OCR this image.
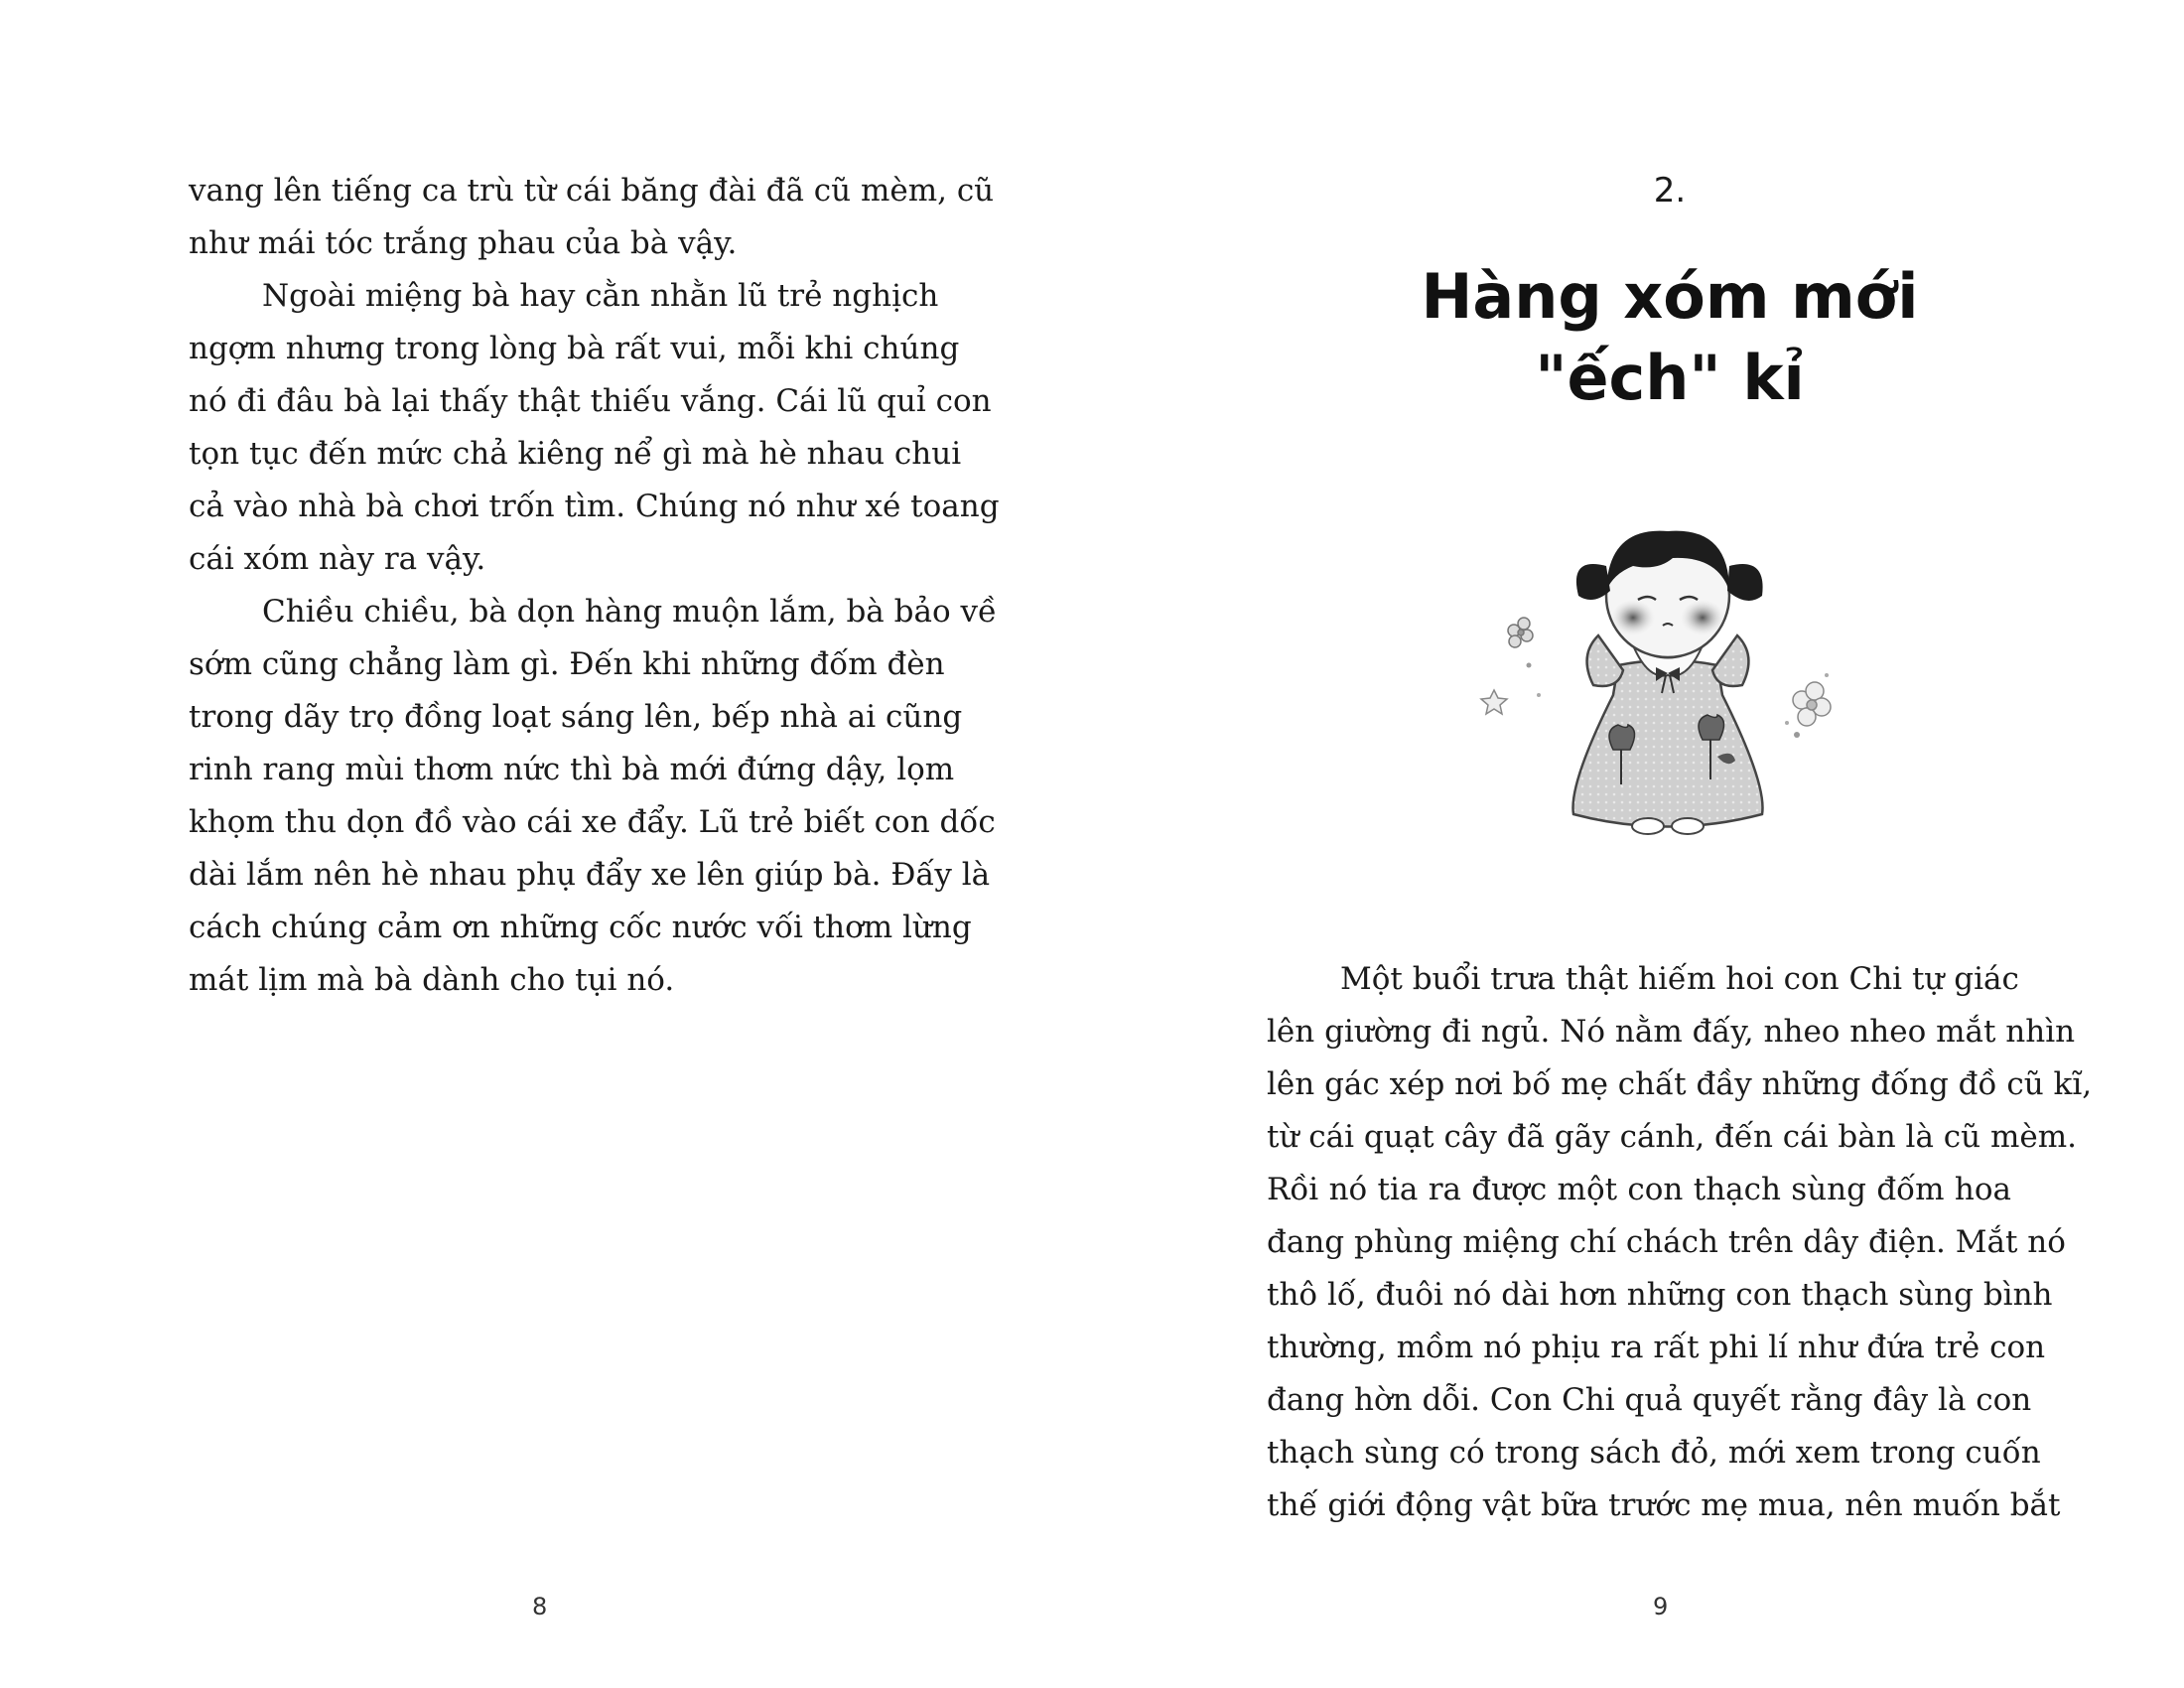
vang lên tiếng ca trù từ cái băng đài đã cũ mèm, cũ
như mái tóc trắng phau của bà vậy.
Ngoài miệng bà hay cằn nhằn lũ trẻ nghịch
ngợm nhưng trong lòng bà rất vui, mỗi khi chúng
nó đi đâu bà lại thấy thật thiếu vắng. Cái lũ quỉ con
tọn tục đến mức chả kiêng nể gì mà hè nhau chui
cả vào nhà bà chơi trốn tìm. Chúng nó như xé toang
cái xóm này ra vậy.
Chiều chiều, bà dọn hàng muộn lắm, bà bảo về
sớm cũng chẳng làm gì. Đến khi những đốm đèn
trong dãy trọ đồng loạt sáng lên, bếp nhà ai cũng
rinh rang mùi thơm nức thì bà mới đứng dậy, lọm
khọm thu dọn đồ vào cái xe đẩy. Lũ trẻ biết con dốc
dài lắm nên hè nhau phụ đẩy xe lên giúp bà. Đấy là
cách chúng cảm ơn những cốc nước vối thơm lừng
mát lịm mà bà dành cho tụi nó.
8
2.
Hàng xóm mới
"ếch" kỉ
Một buổi trưa thật hiếm hoi con Chi tự giác
lên giường đi ngủ. Nó nằm đấy, nheo nheo mắt nhìn
lên gác xép nơi bố mẹ chất đầy những đống đồ cũ kĩ,
từ cái quạt cây đã gãy cánh, đến cái bàn là cũ mèm.
Rồi nó tia ra được một con thạch sùng đốm hoa
đang phùng miệng chí chách trên dây điện. Mắt nó
thô lố, đuôi nó dài hơn những con thạch sùng bình
thường, mồm nó phịu ra rất phi lí như đứa trẻ con
đang hờn dỗi. Con Chi quả quyết rằng đây là con
thạch sùng có trong sách đỏ, mới xem trong cuốn
thế giới động vật bữa trước mẹ mua, nên muốn bắt
9
